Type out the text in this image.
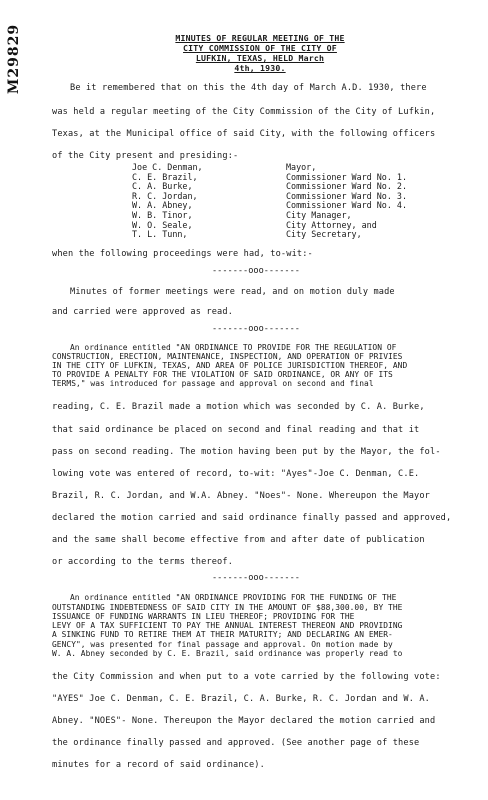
M29829	MINUTES OF REGULAR MEETING OF THE
CITY COMMISSION OF THE CITY OF
LUFKIN, TEXAS, HELD March
4th, 1930.
Be it remembered that on this the 4th day of March A.D. 1930, there
was held a regular meeting of the City Commission of the City of Lufkin,
Texas, at the Municipal office of said City, with the following officers
of the City present and presiding:-
Joe C. Denman,
C. E. Brazil,
C. A. Burke,
R. C. Jordan,
W. A. Abney,
W. B. Tinor,
W. O. Seale,
T. L. Tunn,
Mayor,
Commissioner Ward No. 1.
Commissioner Ward No. 2.
Commissioner Ward No. 3.
Commissioner Ward No. 4.
City Manager,
City Attorney, and
City Secretary,
when the following proceedings were had, to-wit:-
-------ooo-------
Minutes of former meetings were read, and on motion duly made
and carried were approved as read.
-------ooo-------
An ordinance entitled "AN ORDINANCE TO PROVIDE FOR THE REGULATION OF
CONSTRUCTION, ERECTION, MAINTENANCE, INSPECTION, AND OPERATION OF PRIVIES
IN THE CITY OF LUFKIN, TEXAS, AND AREA OF POLICE JURISDICTION THEREOF, AND
TO PROVIDE A PENALTY FOR THE VIOLATION OF SAID ORDINANCE, OR ANY OF ITS
TERMS," was introduced for passage and approval on second and final
reading, C. E. Brazil made a motion which was seconded by C. A. Burke,
that said ordinance be placed on second and final reading and that it
pass on second reading. The motion having been put by the Mayor, the fol-
lowing vote was entered of record, to-wit: "Ayes"-Joe C. Denman, C.E.
Brazil, R. C. Jordan, and W.A. Abney. "Noes"- None. Whereupon the Mayor
declared the motion carried and said ordinance finally passed and approved,
and the same shall become effective from and after date of publication
or according to the terms thereof.
-------ooo-------
An ordinance entitled "AN ORDINANCE PROVIDING FOR THE FUNDING OF THE
OUTSTANDING INDEBTEDNESS OF SAID CITY IN THE AMOUNT OF $88,300.00, BY THE
ISSUANCE OF FUNDING WARRANTS IN LIEU THEREOF; PROVIDING FOR THE
LEVY OF A TAX SUFFICIENT TO PAY THE ANNUAL INTEREST THEREON AND PROVIDING
A SINKING FUND TO RETIRE THEM AT THEIR MATURITY; AND DECLARING AN EMER-
GENCY", was presented for final passage and approval. On motion made by
W. A. Abney seconded by C. E. Brazil, said ordinance was properly read to
the City Commission and when put to a vote carried by the following vote:
"AYES" Joe C. Denman, C. E. Brazil, C. A. Burke, R. C. Jordan and W. A.
Abney. "NOES"- None. Thereupon the Mayor declared the motion carried and
the ordinance finally passed and approved. (See another page of these
minutes for a record of said ordinance).
